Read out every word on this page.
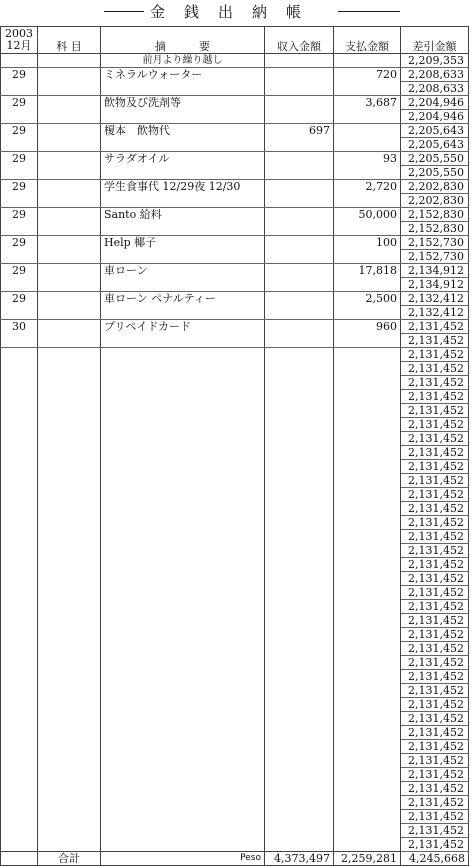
金銭出納帳
2003
12月	科 目	摘　　　要	収入金額	支払金額	差引金額
		前月より繰り越し			2,209,353
29		ミネラルウォーター		720	2,208,633
					2,208,633
29		飲物及び洗剤等		3,687	2,204,946
					2,204,946
29		榎本　飲物代	697		2,205,643
					2,205,643
29		サラダオイル		93	2,205,550
					2,205,550
29		学生食事代 12/29夜 12/30		2,720	2,202,830
					2,202,830
29		Santo 給料		50,000	2,152,830
					2,152,830
29		Help 椰子		100	2,152,730
					2,152,730
29		車ローン		17,818	2,134,912
					2,134,912
29		車ローン ペナルティー		2,500	2,132,412
					2,132,412
30		プリペイドカード		960	2,131,452
					2,131,452
					2,131,452
					2,131,452
					2,131,452
					2,131,452
					2,131,452
					2,131,452
					2,131,452
					2,131,452
					2,131,452
					2,131,452
					2,131,452
					2,131,452
					2,131,452
					2,131,452
					2,131,452
					2,131,452
					2,131,452
					2,131,452
					2,131,452
					2,131,452
					2,131,452
					2,131,452
					2,131,452
					2,131,452
					2,131,452
					2,131,452
					2,131,452
					2,131,452
					2,131,452
					2,131,452
					2,131,452
					2,131,452
					2,131,452
					2,131,452
					2,131,452
					2,131,452
	合計	Peso	4,373,497	2,259,281	4,245,668
